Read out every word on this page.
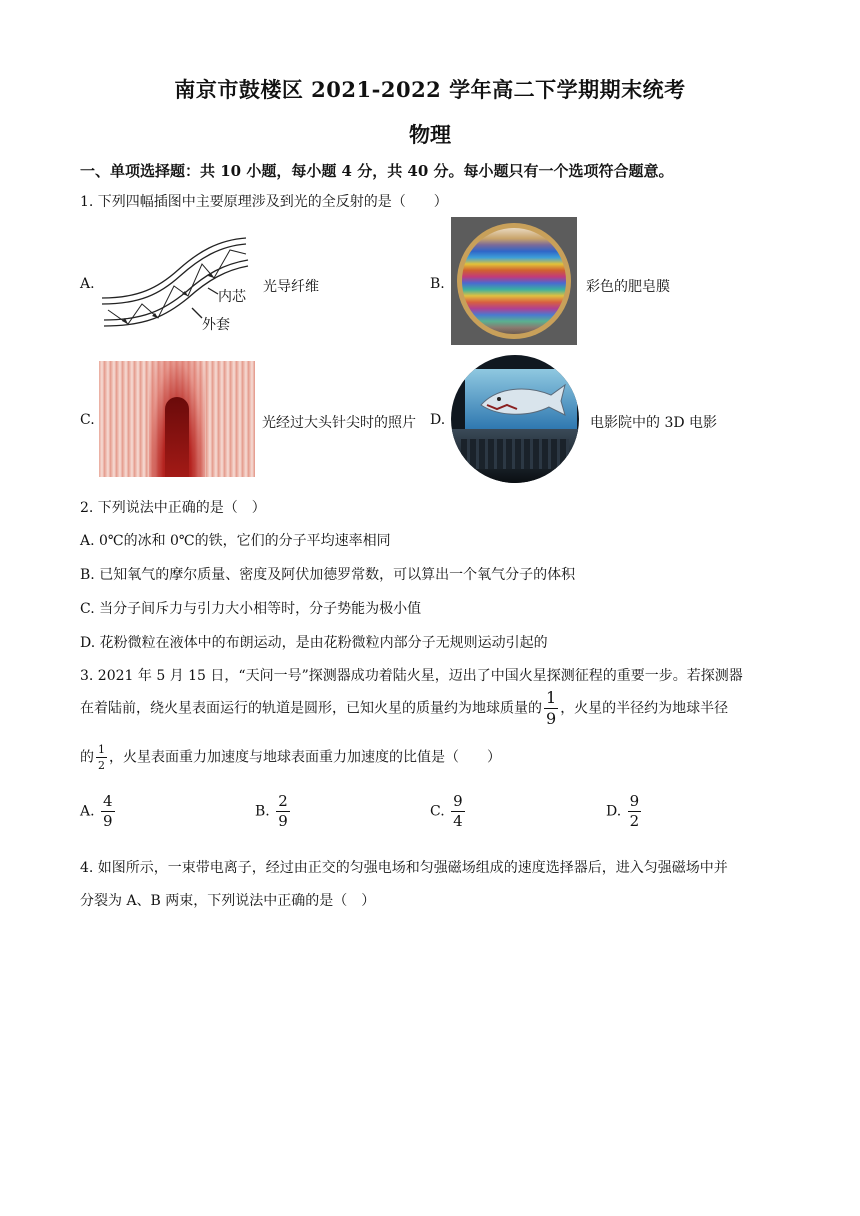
南京市鼓楼区 2021-2022 学年高二下学期期末统考
物理
一、单项选择题：共 10 小题，每小题 4 分，共 40 分。每小题只有一个选项符合题意。
1. 下列四幅插图中主要原理涉及到光的全反射的是（　　）
A.
内芯
外套
光导纤维	B.	彩色的肥皂膜
C.	光经过大头针尖时的照片 D.	电影院中的 3D 电影
2. 下列说法中正确的是（　）
A. 0℃的冰和 0℃的铁，它们的分子平均速率相同
B. 已知氧气的摩尔质量、密度及阿伏加德罗常数，可以算出一个氧气分子的体积
C. 当分子间斥力与引力大小相等时，分子势能为极小值
D. 花粉微粒在液体中的布朗运动，是由花粉微粒内部分子无规则运动引起的
3. 2021 年 5 月 15 日，“天问一号”探测器成功着陆火星，迈出了中国火星探测征程的重要一步。若探测器
在着陆前，绕火星表面运行的轨道是圆形，已知火星的质量约为地球质量的 $\frac{1}{9}$ ，火星的半径约为地球半径
的 $\frac{1}{2}$ ，火星表面重力加速度与地球表面重力加速度的比值是（　　）
A. $\frac{4}{9}$	B. $\frac{2}{9}$	C. $\frac{9}{4}$	D. $\frac{9}{2}$
4. 如图所示，一束带电离子，经过由正交的匀强电场和匀强磁场组成的速度选择器后，进入匀强磁场中并
分裂为 A、B 两束，下列说法中正确的是（　）
